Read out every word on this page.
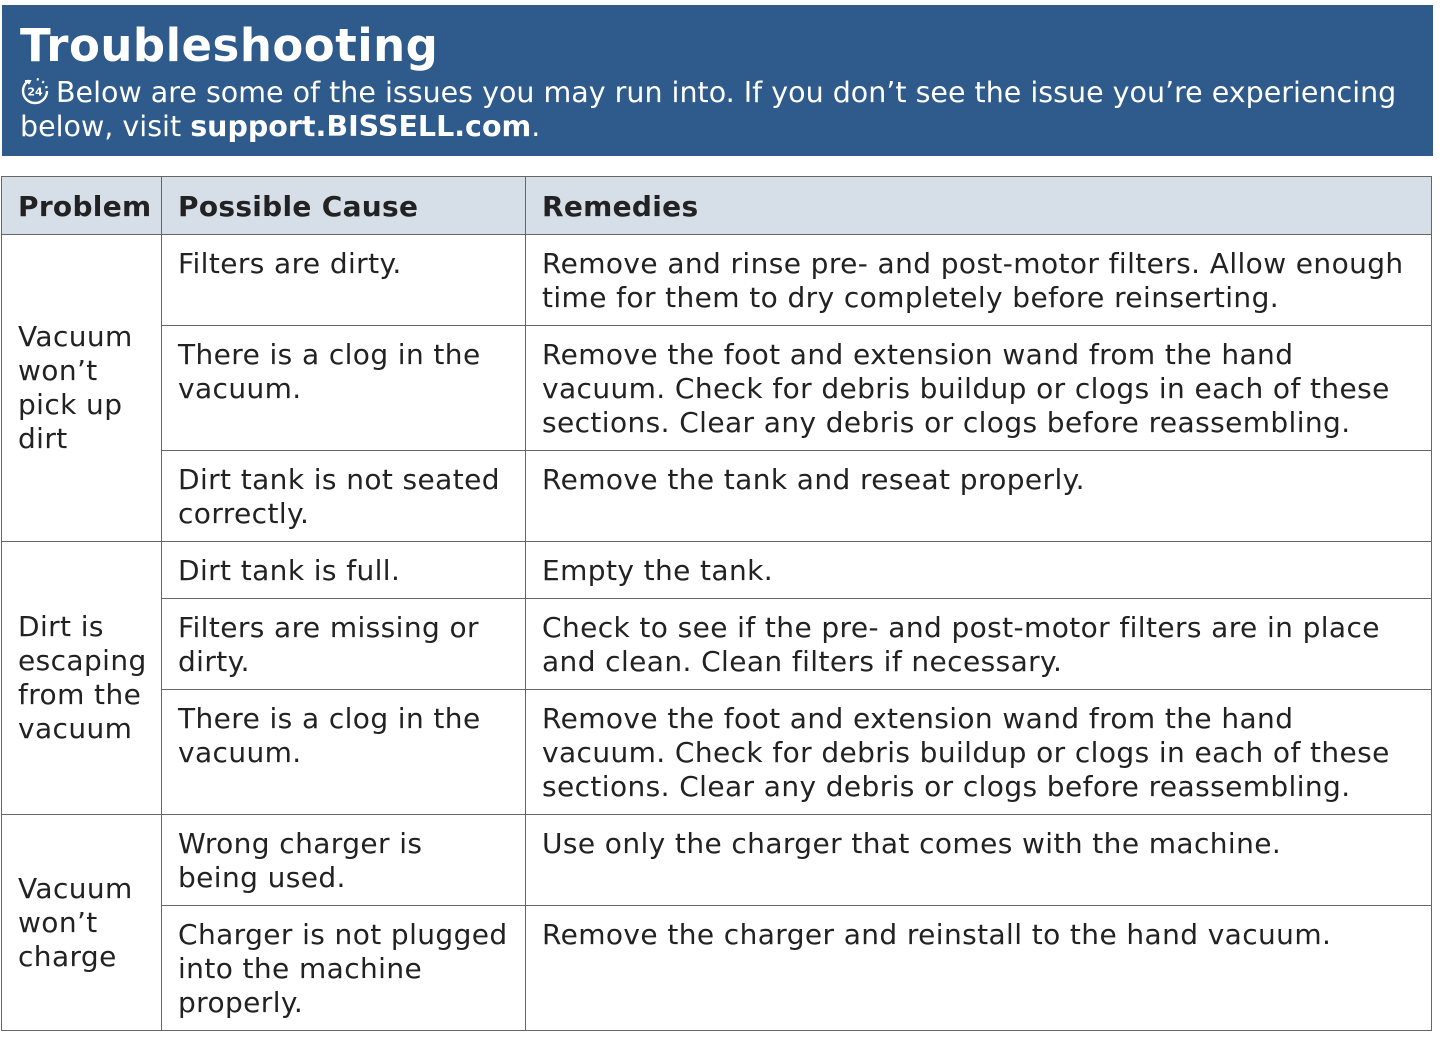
Troubleshooting
24 Below are some of the issues you may run into. If you don’t see the issue you’re experiencing below, visit support.BISSELL.com.
Problem	Possible Cause	Remedies
Vacuum won’t pick up dirt	Filters are dirty.	Remove and rinse pre- and post-motor filters. Allow enough time for them to dry completely before reinserting.
	There is a clog in the vacuum.	Remove the foot and extension wand from the hand vacuum. Check for debris buildup or clogs in each of these sections. Clear any debris or clogs before reassembling.
	Dirt tank is not seated correctly.	Remove the tank and reseat properly.
Dirt is escaping from the vacuum	Dirt tank is full.	Empty the tank.
	Filters are missing or dirty.	Check to see if the pre- and post-motor filters are in place and clean. Clean filters if necessary.
	There is a clog in the vacuum.	Remove the foot and extension wand from the hand vacuum. Check for debris buildup or clogs in each of these sections. Clear any debris or clogs before reassembling.
Vacuum won’t charge	Wrong charger is being used.	Use only the charger that comes with the machine.
	Charger is not plugged into the machine properly.	Remove the charger and reinstall to the hand vacuum.
